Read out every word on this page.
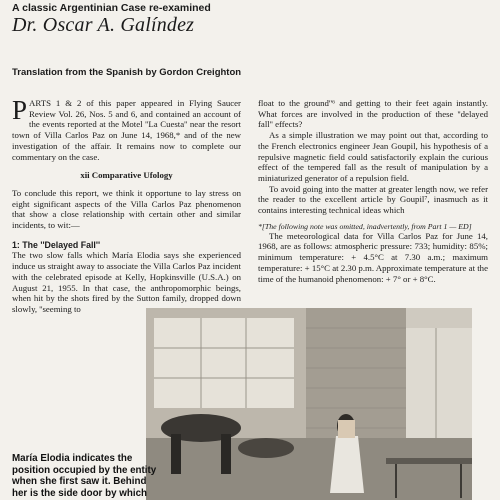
A classic Argentinian Case re-examined
Dr. Oscar A. Galíndez
Translation from the Spanish by Gordon Creighton

PARTS 1 & 2 of this paper appeared in Flying Saucer Review Vol. 26, Nos. 5 and 6, and contained an account of the events reported at the Motel ''La Cuesta'' near the resort town of Villa Carlos Paz on June 14, 1968,* and of the new investigation of the affair. It remains now to complete our commentary on the case.

xii Comparative Ufology

To conclude this report, we think it opportune to lay stress on eight significant aspects of the Villa Carlos Paz phenomenon that show a close relationship with certain other and similar incidents, to wit:—

1: The ''Delayed Fall''

The two slow falls which María Elodia says she experienced induce us straight away to associate the Villa Carlos Paz incident with the celebrated episode at Kelly, Hopkinsville (U.S.A.) on August 21, 1955. In that case, the anthropomorphic beings, when hit by the shots fired by the Sutton family, dropped down slowly, ''seeming to

float to the ground''⁶ and getting to their feet again instantly. What forces are involved in the production of these ''delayed fall'' effects?

As a simple illustration we may point out that, according to the French electronics engineer Jean Goupil, his hypothesis of a repulsive magnetic field could satisfactorily explain the curious effect of the tempered fall as the result of manipulation by a miniaturized generator of a repulsion field.

To avoid going into the matter at greater length now, we refer the reader to the excellent article by Goupil⁷, inasmuch as it contains interesting technical ideas which

*[The following note was omitted, inadvertently, from Part 1 — ED]

The meteorological data for Villa Carlos Paz for June 14, 1968, are as follows: atmospheric pressure: 733; humidity: 85%; minimum temperature: + 4.5°C at 7.30 a.m.; maximum temperature: + 15°C at 2.30 p.m. Approximate temperature at the time of the humanoid phenomenon: + 7° or + 8°C.

María Elodia indicates the position occupied by the entity when she first saw it. Behind her is the side door by which
